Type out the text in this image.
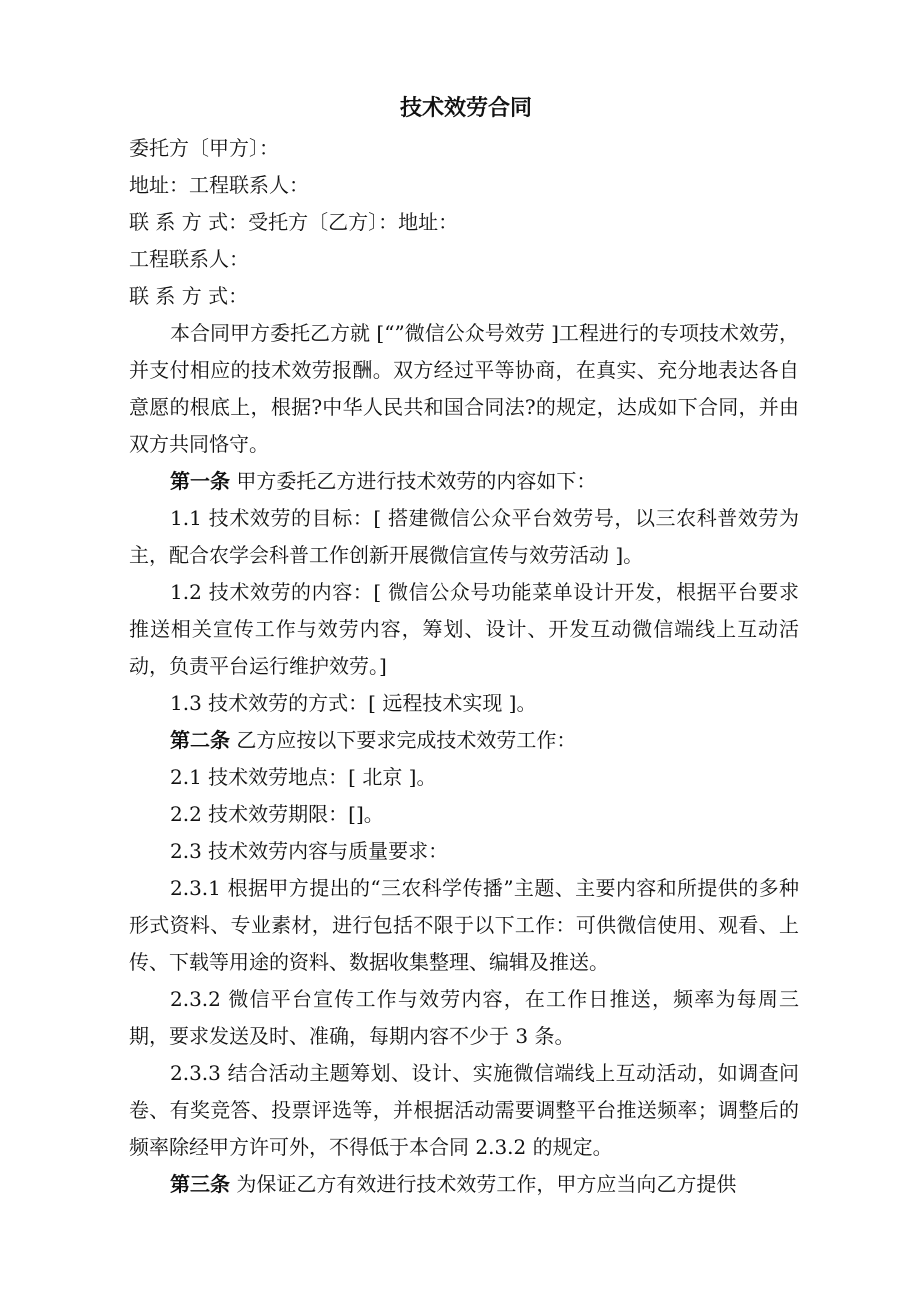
技术效劳合同

委托方〔甲方〕：

地址：工程联系人：

联 系 方 式：受托方〔乙方〕：地址：

工程联系人：

联 系 方 式：

本合同甲方委托乙方就 [“”微信公众号效劳 ]工程进行的专项技术效劳，并支付相应的技术效劳报酬。双方经过平等协商，在真实、充分地表达各自意愿的根底上，根据?中华人民共和国合同法?的规定，达成如下合同，并由双方共同恪守。

第一条 甲方委托乙方进行技术效劳的内容如下：

1.1 技术效劳的目标：[ 搭建微信公众平台效劳号，以三农科普效劳为主，配合农学会科普工作创新开展微信宣传与效劳活动 ]。

1.2 技术效劳的内容：[ 微信公众号功能菜单设计开发，根据平台要求推送相关宣传工作与效劳内容，筹划、设计、开发互动微信端线上互动活动，负责平台运行维护效劳。]

1.3 技术效劳的方式：[ 远程技术实现 ]。

第二条 乙方应按以下要求完成技术效劳工作：

2.1 技术效劳地点：[ 北京 ]。

2.2 技术效劳期限：[]。

2.3 技术效劳内容与质量要求：

2.3.1 根据甲方提出的“三农科学传播”主题、主要内容和所提供的多种形式资料、专业素材，进行包括不限于以下工作：可供微信使用、观看、上传、下载等用途的资料、数据收集整理、编辑及推送。

2.3.2 微信平台宣传工作与效劳内容，在工作日推送，频率为每周三期，要求发送及时、准确，每期内容不少于 3 条。

2.3.3 结合活动主题筹划、设计、实施微信端线上互动活动，如调查问卷、有奖竞答、投票评选等，并根据活动需要调整平台推送频率；调整后的频率除经甲方许可外，不得低于本合同 2.3.2 的规定。

第三条 为保证乙方有效进行技术效劳工作，甲方应当向乙方提供
